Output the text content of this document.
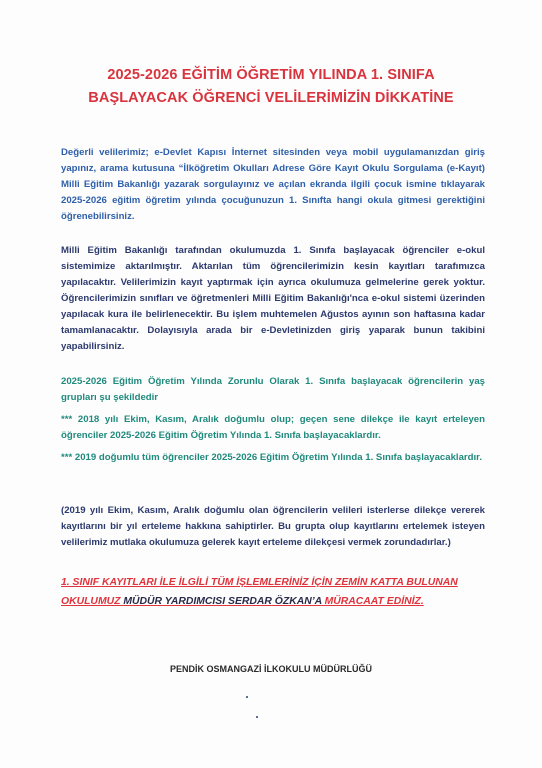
2025-2026 EĞİTİM ÖĞRETİM YILINDA 1. SINIFA
BAŞLAYACAK ÖĞRENCİ VELİLERİMİZİN DİKKATİNE
Değerli velilerimiz; e-Devlet Kapısı İnternet sitesinden veya mobil uygulamanızdan giriş yapınız, arama kutusuna “İlköğretim Okulları Adrese Göre Kayıt Okulu Sorgulama (e-Kayıt) Milli Eğitim Bakanlığı yazarak sorgulayınız ve açılan ekranda ilgili çocuk ismine tıklayarak 2025-2026 eğitim öğretim yılında çocuğunuzun 1. Sınıfta hangi okula gitmesi gerektiğini öğrenebilirsiniz.
Milli Eğitim Bakanlığı tarafından okulumuzda 1. Sınıfa başlayacak öğrenciler e-okul sistemimize aktarılmıştır. Aktarılan tüm öğrencilerimizin kesin kayıtları tarafımızca yapılacaktır. Velilerimizin kayıt yaptırmak için ayrıca okulumuza gelmelerine gerek yoktur. Öğrencilerimizin sınıfları ve öğretmenleri Milli Eğitim Bakanlığı'nca e-okul sistemi üzerinden yapılacak kura ile belirlenecektir. Bu işlem muhtemelen Ağustos ayının son haftasına kadar tamamlanacaktır. Dolayısıyla arada bir e-Devletinizden giriş yaparak bunun takibini yapabilirsiniz.
2025-2026 Eğitim Öğretim Yılında Zorunlu Olarak 1. Sınıfa başlayacak öğrencilerin yaş grupları şu şekildedir
*** 2018 yılı Ekim, Kasım, Aralık doğumlu olup; geçen sene dilekçe ile kayıt erteleyen öğrenciler 2025-2026 Eğitim Öğretim Yılında 1. Sınıfa başlayacaklardır.
*** 2019 doğumlu tüm öğrenciler 2025-2026 Eğitim Öğretim Yılında 1. Sınıfa başlayacaklardır.
(2019 yılı Ekim, Kasım, Aralık doğumlu olan öğrencilerin velileri isterlerse dilekçe vererek kayıtlarını bir yıl erteleme hakkına sahiptirler. Bu grupta olup kayıtlarını ertelemek isteyen velilerimiz mutlaka okulumuza gelerek kayıt erteleme dilekçesi vermek zorundadırlar.)
1. SINIF KAYITLARI İLE İLGİLİ TÜM İŞLEMLERİNİZ İÇİN ZEMİN KATTA BULUNAN OKULUMUZ MÜDÜR YARDIMCISI SERDAR ÖZKAN’A MÜRACAAT EDİNİZ.
PENDİK OSMANGAZİ İLKOKULU MÜDÜRLÜĞÜ
